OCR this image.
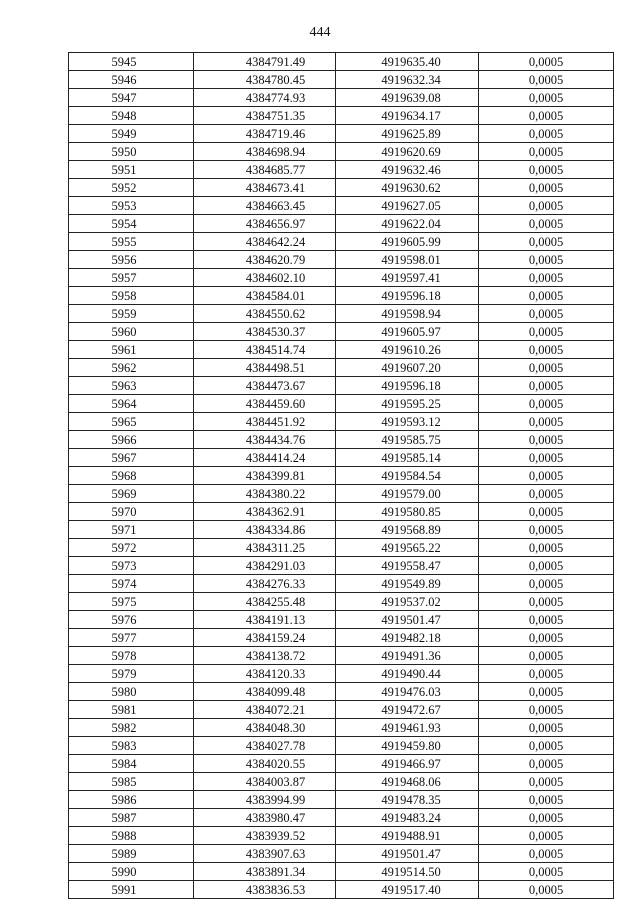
444
5945	4384791.49	4919635.40	0,0005
5946	4384780.45	4919632.34	0,0005
5947	4384774.93	4919639.08	0,0005
5948	4384751.35	4919634.17	0,0005
5949	4384719.46	4919625.89	0,0005
5950	4384698.94	4919620.69	0,0005
5951	4384685.77	4919632.46	0,0005
5952	4384673.41	4919630.62	0,0005
5953	4384663.45	4919627.05	0,0005
5954	4384656.97	4919622.04	0,0005
5955	4384642.24	4919605.99	0,0005
5956	4384620.79	4919598.01	0,0005
5957	4384602.10	4919597.41	0,0005
5958	4384584.01	4919596.18	0,0005
5959	4384550.62	4919598.94	0,0005
5960	4384530.37	4919605.97	0,0005
5961	4384514.74	4919610.26	0,0005
5962	4384498.51	4919607.20	0,0005
5963	4384473.67	4919596.18	0,0005
5964	4384459.60	4919595.25	0,0005
5965	4384451.92	4919593.12	0,0005
5966	4384434.76	4919585.75	0,0005
5967	4384414.24	4919585.14	0,0005
5968	4384399.81	4919584.54	0,0005
5969	4384380.22	4919579.00	0,0005
5970	4384362.91	4919580.85	0,0005
5971	4384334.86	4919568.89	0,0005
5972	4384311.25	4919565.22	0,0005
5973	4384291.03	4919558.47	0,0005
5974	4384276.33	4919549.89	0,0005
5975	4384255.48	4919537.02	0,0005
5976	4384191.13	4919501.47	0,0005
5977	4384159.24	4919482.18	0,0005
5978	4384138.72	4919491.36	0,0005
5979	4384120.33	4919490.44	0,0005
5980	4384099.48	4919476.03	0,0005
5981	4384072.21	4919472.67	0,0005
5982	4384048.30	4919461.93	0,0005
5983	4384027.78	4919459.80	0,0005
5984	4384020.55	4919466.97	0,0005
5985	4384003.87	4919468.06	0,0005
5986	4383994.99	4919478.35	0,0005
5987	4383980.47	4919483.24	0,0005
5988	4383939.52	4919488.91	0,0005
5989	4383907.63	4919501.47	0,0005
5990	4383891.34	4919514.50	0,0005
5991	4383836.53	4919517.40	0,0005
